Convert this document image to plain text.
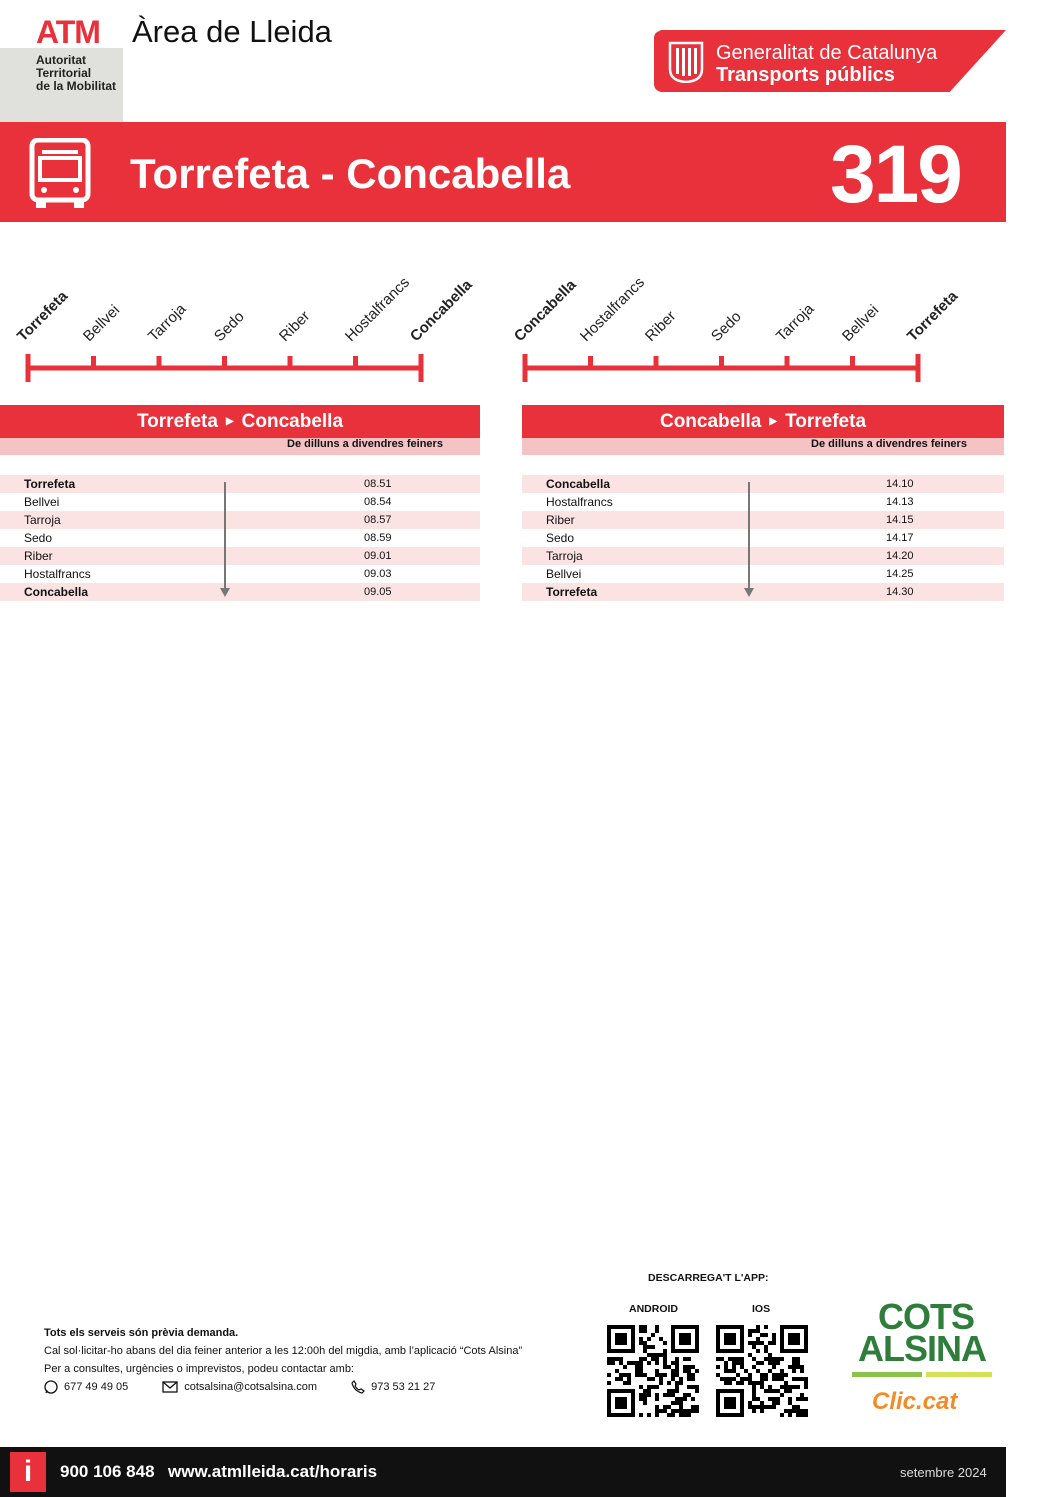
ATM
Autoritat
Territorial
de la Mobilitat
Àrea de Lleida
Generalitat de Catalunya
Transports públics
Torrefeta - Concabella	319
Torrefeta Bellvei Tarroja Sedo Riber Hostalfrancs
Concabella Concabella
Hostalfrancs
Riber Sedo Tarroja Bellvei Torrefeta
Torrefeta ▶ Concabella
De dilluns a divendres feiners
Torrefeta	08.51
Bellvei	08.54
Tarroja	08.57
Sedo	08.59
Riber	09.01
Hostalfrancs	09.03
Concabella	09.05
Concabella ▶ Torrefeta
De dilluns a divendres feiners
Concabella	14.10
Hostalfrancs	14.13
Riber	14.15
Sedo	14.17
Tarroja	14.20
Bellvei	14.25
Torrefeta	14.30
Tots els serveis són prèvia demanda.
Cal sol·licitar-ho abans del dia feiner anterior a les 12:00h del migdia, amb l’aplicació “Cots Alsina”
Per a consultes, urgències o imprevistos, podeu contactar amb:
677 49 49 05	cotsalsina@cotsalsina.com	973 53 21 27
DESCARREGA'T L'APP:
ANDROID	IOS	COTS
ALSINA
Clic.cat
i	900 106 848 www.atmlleida.cat/horaris	setembre 2024
